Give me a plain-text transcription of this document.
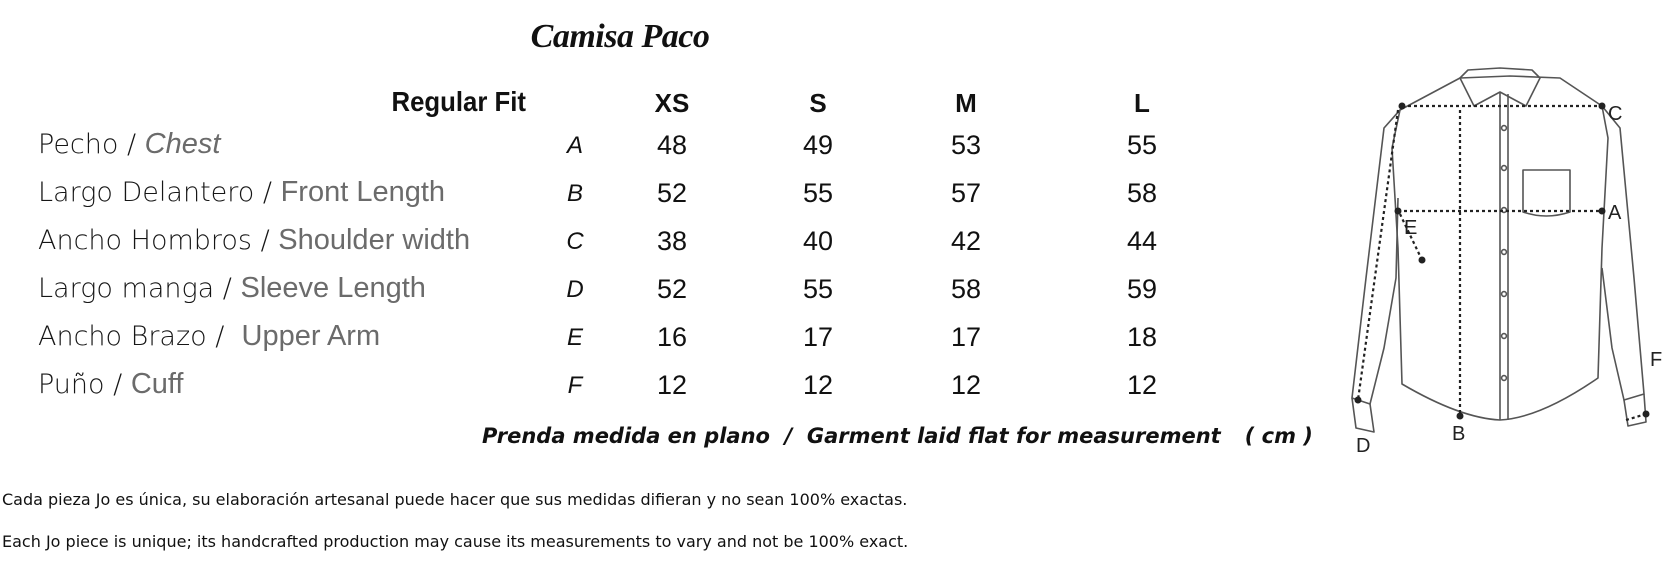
Camisa Paco
Regular Fit	XS	S	M	L
Pecho / Chest	A	48	49	53	55
Largo Delantero / Front Length	B	52	55	57	58
Ancho Hombros / Shoulder width	C	38	40	42	44
Largo manga / Sleeve Length	D	52	55	58	59
Ancho Brazo /  Upper Arm	E	16	17	17	18
Puño / Cuff	F	12	12	12	12
Prenda medida en plano  /  Garment laid flat for measurement ( cm )
Cada pieza Jo es única, su elaboración artesanal puede hacer que sus medidas difieran y no sean 100% exactas.
Each Jo piece is unique; its handcrafted production may cause its measurements to vary and not be 100% exact.
C
A
E
F
D
B
